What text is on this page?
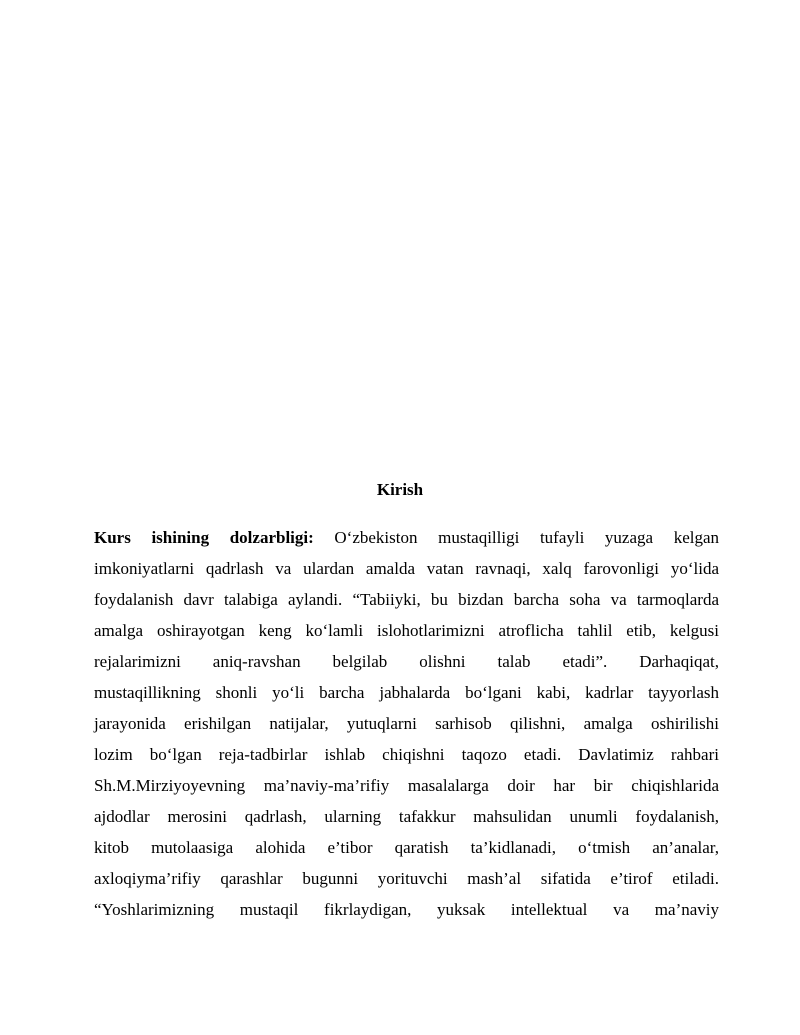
Kirish
Kurs ishining dolzarbligi: O‘zbekiston mustaqilligi tufayli yuzaga kelgan
imkoniyatlarni qadrlash va ulardan amalda vatan ravnaqi, xalq farovonligi yo‘lida
foydalanish davr talabiga aylandi. “Tabiiyki, bu bizdan barcha soha va tarmoqlarda
amalga oshirayotgan keng ko‘lamli islohotlarimizni atroflicha tahlil etib, kelgusi
rejalarimizni aniq-ravshan belgilab olishni talab etadi”. Darhaqiqat,
mustaqillikning shonli yo‘li barcha jabhalarda bo‘lgani kabi, kadrlar tayyorlash
jarayonida erishilgan natijalar, yutuqlarni sarhisob qilishni, amalga oshirilishi
lozim bo‘lgan reja-tadbirlar ishlab chiqishni taqozo etadi. Davlatimiz rahbari
Sh.M.Mirziyoyevning ma’naviy-ma’rifiy masalalarga doir har bir chiqishlarida
ajdodlar merosini qadrlash, ularning tafakkur mahsulidan unumli foydalanish,
kitob mutolaasiga alohida e’tibor qaratish ta’kidlanadi, o‘tmish an’analar,
axloqiyma’rifiy qarashlar bugunni yorituvchi mash’al sifatida e’tirof etiladi.
“Yoshlarimizning mustaqil fikrlaydigan, yuksak intellektual va ma’naviy
